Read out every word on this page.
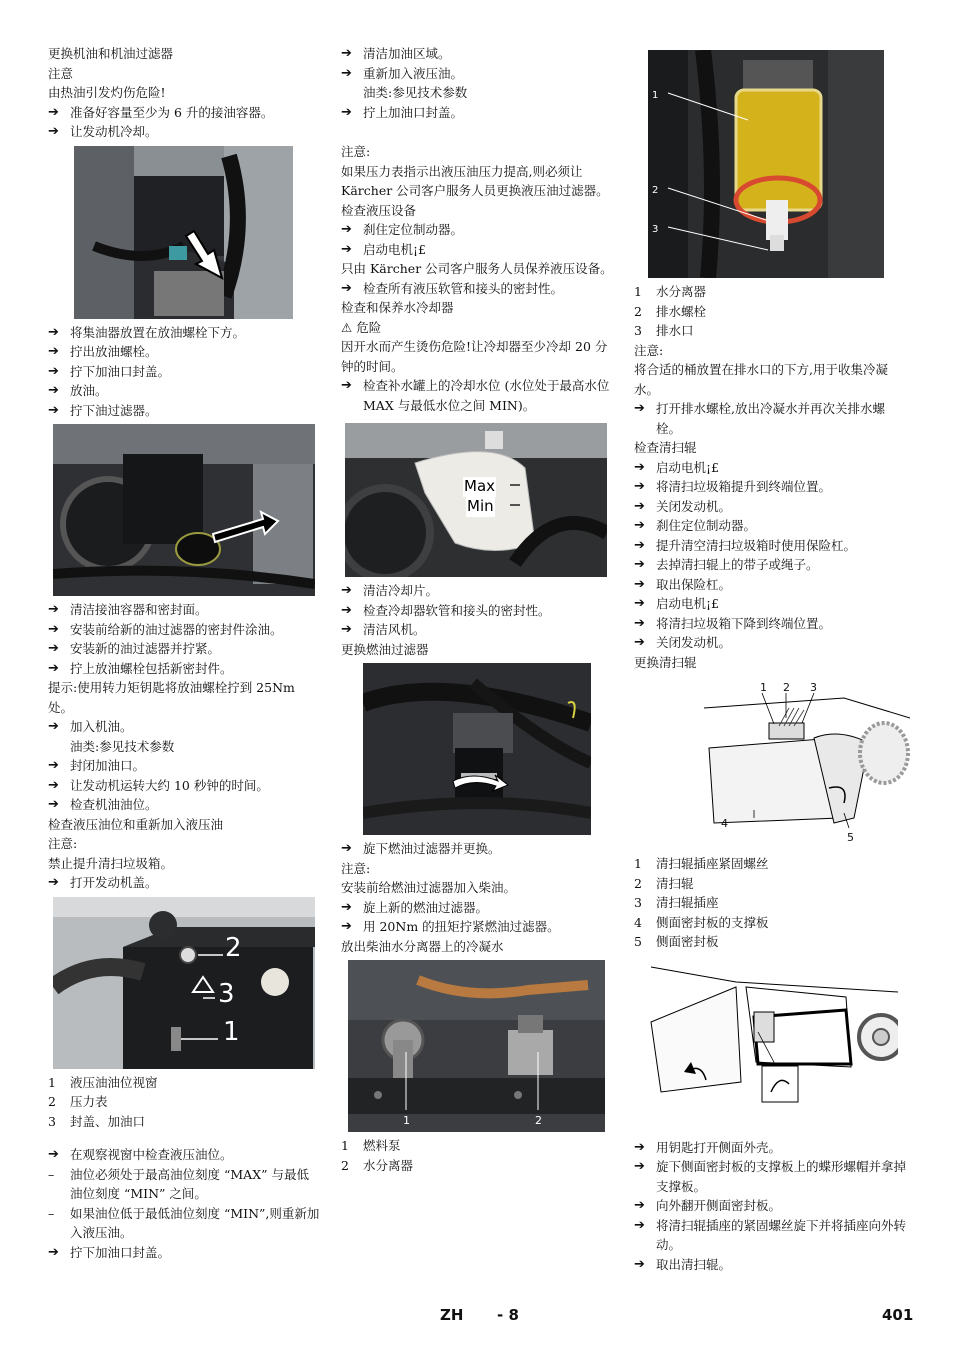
更换机油和机油过滤器

注意

由热油引发灼伤危险!

➔ 准备好容量至少为 6 升的接油容器。

➔ 让发动机冷却。

➔ 将集油器放置在放油螺栓下方。

➔ 拧出放油螺栓。

➔ 拧下加油口封盖。

➔ 放油。

➔ 拧下油过滤器。

➔ 清洁接油容器和密封面。

➔ 安装前给新的油过滤器的密封件涂油。

➔ 安装新的油过滤器并拧紧。

➔ 拧上放油螺栓包括新密封件。

提示:使用转力矩钥匙将放油螺栓拧到 25Nm 处。

➔ 加入机油。

油类:参见技术参数

➔ 封闭加油口。

➔ 让发动机运转大约 10 秒钟的时间。

➔ 检查机油油位。

检查液压油位和重新加入液压油

注意:

禁止提升清扫垃圾箱。

➔ 打开发动机盖。

2
3
1
1 液压油油位视窗
2 压力表
3 封盖、加油口

➔ 在观察视窗中检查液压油位。

– 油位必须处于最高油位刻度 “MAX” 与最低油位刻度 “MIN” 之间。

– 如果油位低于最低油位刻度 “MIN”,则重新加入液压油。

➔ 拧下加油口封盖。

➔ 清洁加油区域。

➔ 重新加入液压油。

油类:参见技术参数

➔ 拧上加油口封盖。

注意:

如果压力表指示出液压油压力提高,则必须让 Kärcher 公司客户服务人员更换液压油过滤器。

检查液压设备

➔ 刹住定位制动器。

➔ 启动电机¡£

只由 Kärcher 公司客户服务人员保养液压设备。

➔ 检查所有液压软管和接头的密封性。

检查和保养水冷却器

⚠ 危险

因开水而产生烫伤危险!让冷却器至少冷却 20 分钟的时间。

➔ 检查补水罐上的冷却水位 (水位处于最高水位 MAX 与最低水位之间 MIN)。

Max
Min

➔ 清洁冷却片。

➔ 检查冷却器软管和接头的密封性。

➔ 清洁风机。

更换燃油过滤器

➔ 旋下燃油过滤器并更换。

注意:

安装前给燃油过滤器加入柴油。

➔ 旋上新的燃油过滤器。

➔ 用 20Nm 的扭矩拧紧燃油过滤器。

放出柴油水分离器上的冷凝水

1	2
1 燃料泵
2 水分离器
1
2
3
1 水分离器
2 排水螺栓
3 排水口

注意:

将合适的桶放置在排水口的下方,用于收集冷凝水。

➔ 打开排水螺栓,放出冷凝水并再次关排水螺栓。

检查清扫辊

➔ 启动电机¡£

➔ 将清扫垃圾箱提升到终端位置。

➔ 关闭发动机。

➔ 刹住定位制动器。

➔ 提升清空清扫垃圾箱时使用保险杠。

➔ 去掉清扫辊上的带子或绳子。

➔ 取出保险杠。

➔ 启动电机¡£

➔ 将清扫垃圾箱下降到终端位置。

➔ 关闭发动机。

更换清扫辊

1 2 3
4
5
1 清扫辊插座紧固螺丝
2 清扫辊
3 清扫辊插座
4 侧面密封板的支撑板
5 侧面密封板

➔ 用钥匙打开侧面外壳。

➔ 旋下侧面密封板的支撑板上的蝶形螺帽并拿掉支撑板。

➔ 向外翻开侧面密封板。

➔ 将清扫辊插座的紧固螺丝旋下并将插座向外转动。

➔ 取出清扫辊。

ZH - 8	401
